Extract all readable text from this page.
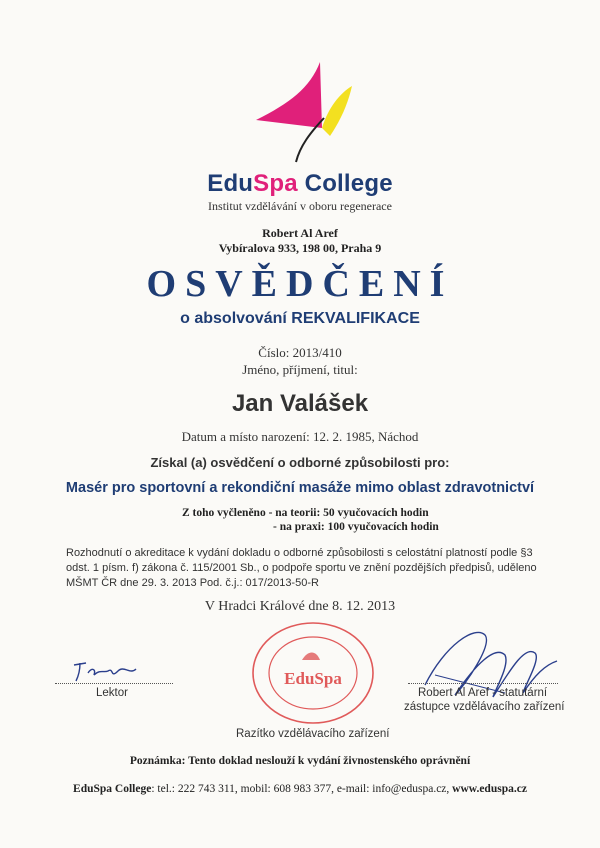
EduSpa College
Institut vzdělávání v oboru regenerace
Robert Al Aref
Vybíralova 933, 198 00, Praha 9
OSVĚDČENÍ
o absolvování REKVALIFIKACE
Číslo: 2013/410
Jméno, příjmení, titul:
Jan Valášek
Datum a místo narození: 12. 2. 1985, Náchod
Získal (a) osvědčení o odborné způsobilosti pro:
Masér pro sportovní a rekondiční masáže mimo oblast zdravotnictví
Z toho vyčleněno - na teorii: 50 vyučovacích hodin
- na praxi: 100 vyučovacích hodin
Rozhodnutí o akreditace k vydání dokladu o odborné způsobilosti s celostátní platností podle §3 odst. 1 písm. f) zákona č. 115/2001 Sb., o podpoře sportu ve znění pozdějších předpisů, uděleno MŠMT ČR dne 29. 3. 2013 Pod. č.j.: 017/2013-50-R
V Hradci Králové dne 8. 12. 2013
Lektor
EduSpa
Razítko vzdělávacího zařízení
Robert Al Aref - statutární
zástupce vzdělávacího zařízení
Poznámka: Tento doklad neslouží k vydání živnostenského oprávnění
EduSpa College: tel.: 222 743 311, mobil: 608 983 377, e-mail: info@eduspa.cz, www.eduspa.cz
